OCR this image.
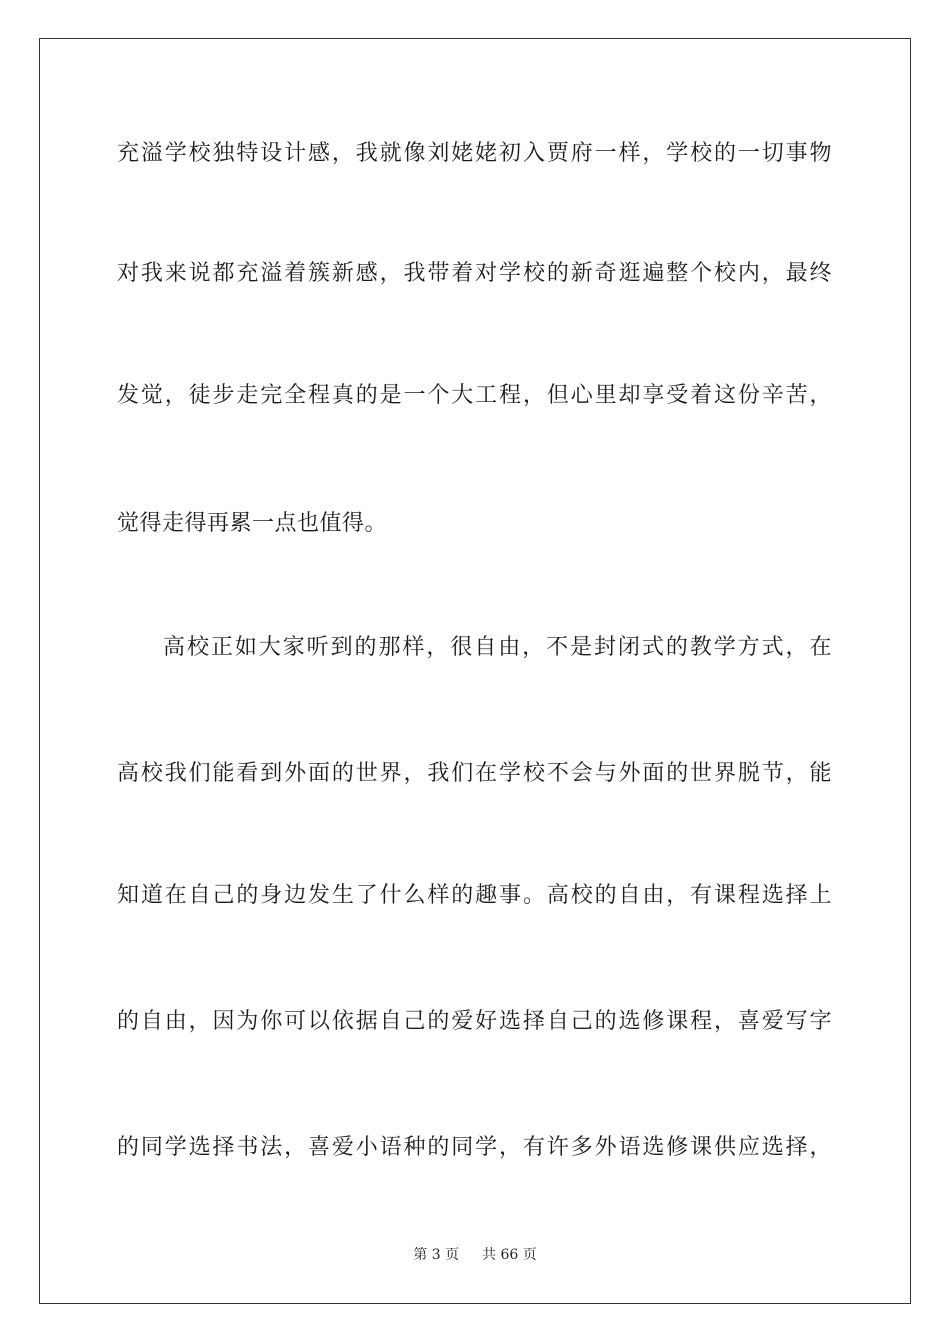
充溢学校独特设计感，我就像刘姥姥初入贾府一样，学校的一切事物
对我来说都充溢着簇新感，我带着对学校的新奇逛遍整个校内，最终
发觉，徒步走完全程真的是一个大工程，但心里却享受着这份辛苦，
觉得走得再累一点也值得。
高校正如大家听到的那样，很自由，不是封闭式的教学方式，在
高校我们能看到外面的世界，我们在学校不会与外面的世界脱节，能
知道在自己的身边发生了什么样的趣事。高校的自由，有课程选择上
的自由，因为你可以依据自己的爱好选择自己的选修课程，喜爱写字
的同学选择书法，喜爱小语种的同学，有许多外语选修课供应选择，
第 3 页 共 66 页
